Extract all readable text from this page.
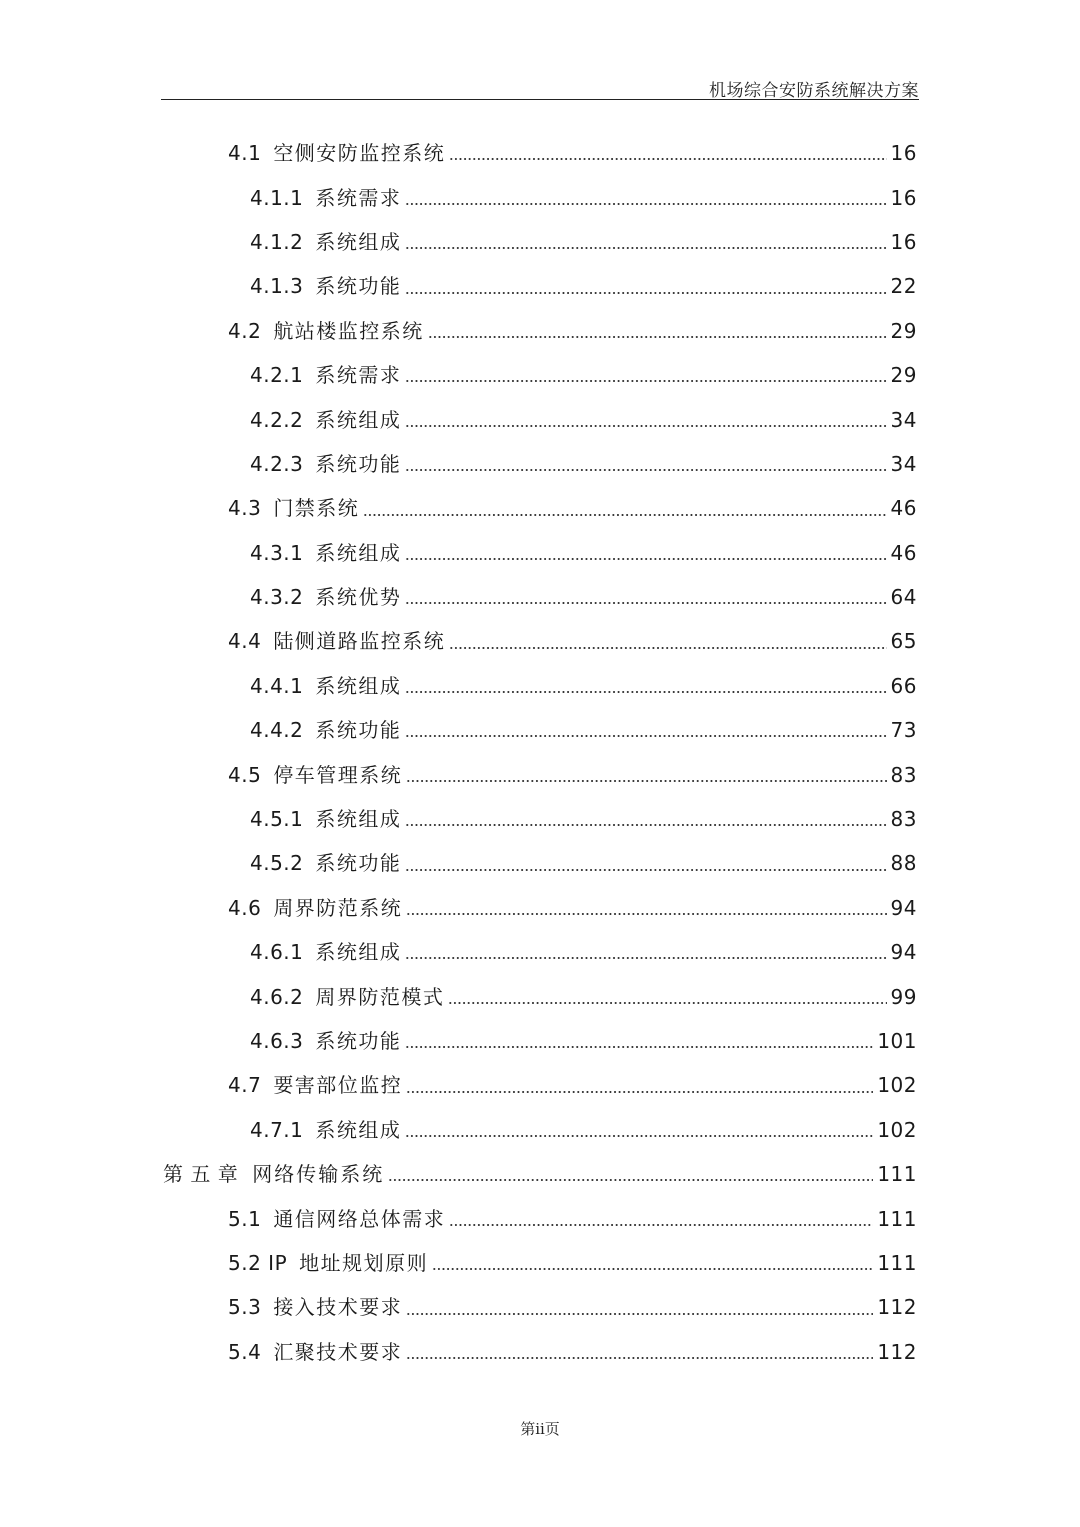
机场综合安防系统解决方案
4.1 空侧安防监控系统	16
4.1.1 系统需求	16
4.1.2 系统组成	16
4.1.3 系统功能	22
4.2 航站楼监控系统	29
4.2.1 系统需求	29
4.2.2 系统组成	34
4.2.3 系统功能	34
4.3 门禁系统	46
4.3.1 系统组成	46
4.3.2 系统优势	64
4.4 陆侧道路监控系统	65
4.4.1 系统组成	66
4.4.2 系统功能	73
4.5 停车管理系统	83
4.5.1 系统组成	83
4.5.2 系统功能	88
4.6 周界防范系统	94
4.6.1 系统组成	94
4.6.2 周界防范模式	99
4.6.3 系统功能	101
4.7 要害部位监控	102
4.7.1 系统组成	102
第 五 章 网络传输系统	111
5.1 通信网络总体需求	111
5.2 IP 地址规划原则	111
5.3 接入技术要求	112
5.4 汇聚技术要求	112
第ii页
